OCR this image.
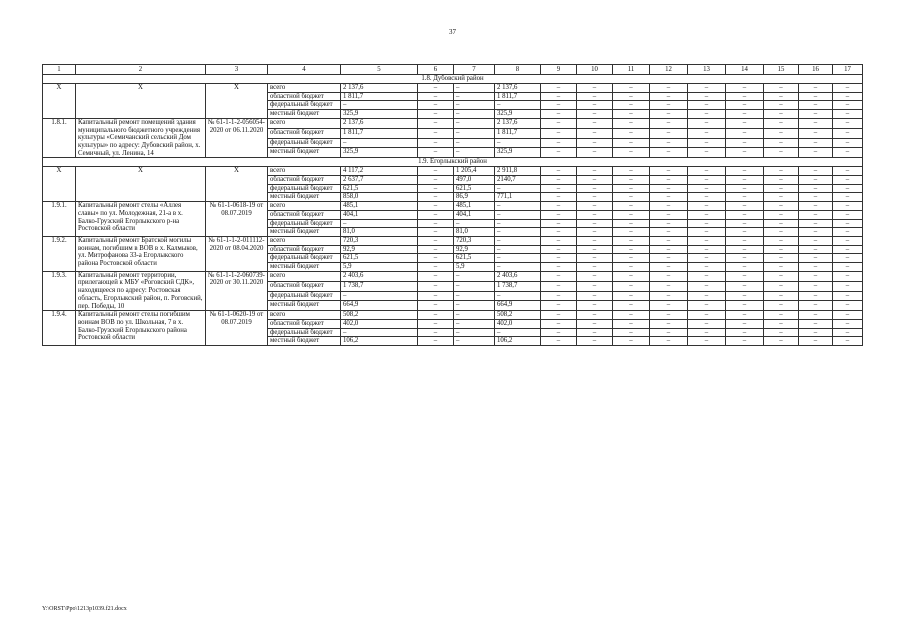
37
1	2	3	4	5	6	7	8	9	10	11	12	13	14	15	16	17
1.8. Дубовский район																
Х	Х	Х	всего	2 137,6	–	–	2 137,6	–	–	–	–	–	–	–	–	–
			областной бюджет	1 811,7	–	–	1 811,7	–	–	–	–	–	–	–	–	–
			федеральный бюджет	–	–	–	–	–	–	–	–	–	–	–	–	–
			местный бюджет	325,9	–	–	325,9	–	–	–	–	–	–	–	–	–
1.8.1.	Капитальный ремонт помещений здания муниципального бюджетного учреждения культуры «Семичанский сельский Дом культуры» по адресу: Дубовский район, х. Семичный, ул. Ленина, 14	№ 61-1-1-2-056054-2020 от 06.11.2020	всего	2 137,6	–	–	2 137,6	–	–	–	–	–	–	–	–	–
			областной бюджет	1 811,7	–	–	1 811,7	–	–	–	–	–	–	–	–	–
			федеральный бюджет	–	–	–	–	–	–	–	–	–	–	–	–	–
			местный бюджет	325,9	–	–	325,9	–	–	–	–	–	–	–	–	–
1.9. Егорлыкский район																
Х	Х	Х	всего	4 117,2	–	1 205,4	2 911,8	–	–	–	–	–	–	–	–	–
			областной бюджет	2 637,7	–	497,0	2140,7	–	–	–	–	–	–	–	–	–
			федеральный бюджет	621,5	–	621,5	–	–	–	–	–	–	–	–	–	–
			местный бюджет	858,0	–	86,9	771,1	–	–	–	–	–	–	–	–	–
1.9.1.	Капитальный ремонт стелы «Аллея славы» по ул. Молодежная, 21-а в х. Балко-Грузский Егорлыкского р-на Ростовской области	№ 61-1-0618-19 от 08.07.2019	всего	485,1	–	485,1	–	–	–	–	–	–	–	–	–	–
			областной бюджет	404,1	–	404,1	–	–	–	–	–	–	–	–	–	–
			федеральный бюджет	–	–	–	–	–	–	–	–	–	–	–	–	–
			местный бюджет	81,0	–	81,0	–	–	–	–	–	–	–	–	–	–
1.9.2.	Капитальный ремонт Братской могилы воинам, погибшим в ВОВ в х. Калмыков, ул. Митрофанова 33-а Егорлыкского района Ростовской области	№ 61-1-1-2-011112-2020 от 08.04.2020	всего	720,3	–	720,3	–	–	–	–	–	–	–	–	–	–
			областной бюджет	92,9	–	92,9	–	–	–	–	–	–	–	–	–	–
			федеральный бюджет	621,5	–	621,5	–	–	–	–	–	–	–	–	–	–
			местный бюджет	5,9	–	5,9	–	–	–	–	–	–	–	–	–	–
1.9.3.	Капитальный ремонт территории, прилегающей к МБУ «Роговский СДК», находящееся по адресу: Ростовская область, Егорлыкский район, п. Роговский, пер. Победы, 10	№ 61-1-1-2-060739-2020 от 30.11.2020	всего	2 403,6	–	–	2 403,6	–	–	–	–	–	–	–	–	–
			областной бюджет	1 738,7	–	–	1 738,7	–	–	–	–	–	–	–	–	–
			федеральный бюджет	–	–	–	–	–	–	–	–	–	–	–	–	–
			местный бюджет	664,9	–	–	664,9	–	–	–	–	–	–	–	–	–
1.9.4.	Капитальный ремонт стелы погибшим воинам ВОВ по ул. Школьная, 7 в х. Балко-Грузский Егорлыкского района Ростовской области	№ 61-1-0620-19 от 08.07.2019	всего	508,2	–	–	508,2	–	–	–	–	–	–	–	–	–
			областной бюджет	402,0	–	–	402,0	–	–	–	–	–	–	–	–	–
			федеральный бюджет	–	–	–	–	–	–	–	–	–	–	–	–	–
			местный бюджет	106,2	–	–	106,2	–	–	–	–	–	–	–	–	–
Y:\ORST\Ppo\1213p1039.f21.docx
